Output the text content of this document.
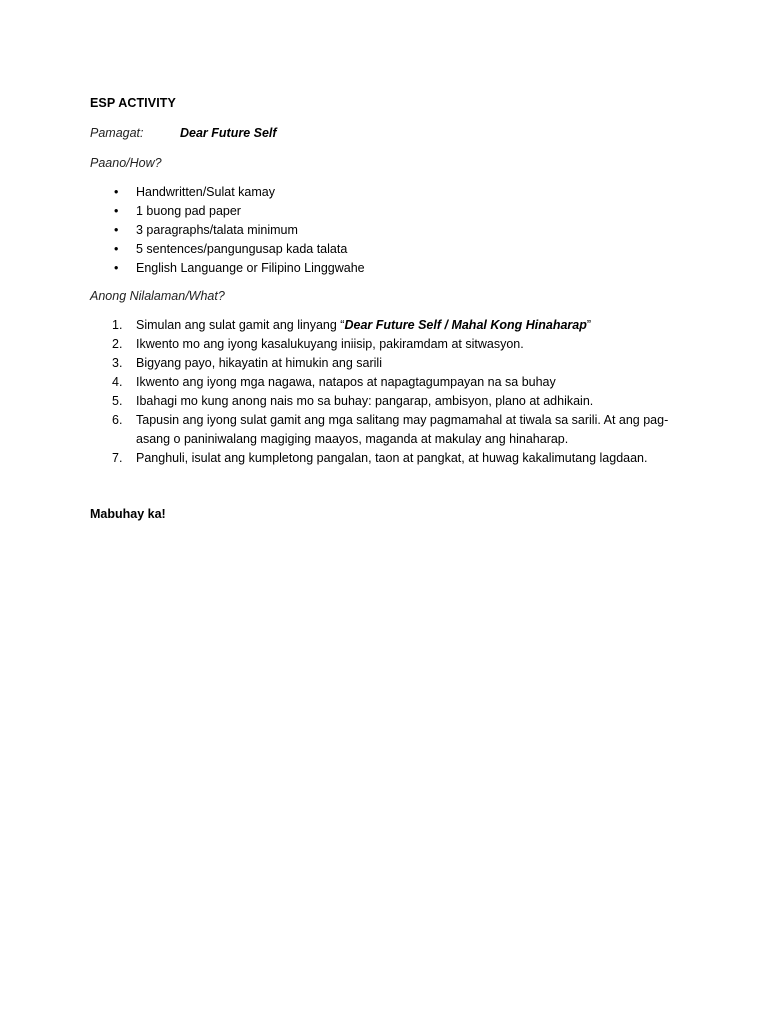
ESP ACTIVITY
Pamagat:	Dear Future Self
Paano/How?
• Handwritten/Sulat kamay
• 1 buong pad paper
• 3 paragraphs/talata minimum
• 5 sentences/pangungusap kada talata
• English Languange or Filipino Linggwahe
Anong Nilalaman/What?
1. Simulan ang sulat gamit ang linyang “Dear Future Self / Mahal Kong Hinaharap”
2. Ikwento mo ang iyong kasalukuyang iniisip, pakiramdam at sitwasyon.
3. Bigyang payo, hikayatin at himukin ang sarili
4. Ikwento ang iyong mga nagawa, natapos at napagtagumpayan na sa buhay
5. Ibahagi mo kung anong nais mo sa buhay: pangarap, ambisyon, plano at adhikain.
6. Tapusin ang iyong sulat gamit ang mga salitang may pagmamahal at tiwala sa sarili. At ang pag-asang o paniniwalang magiging maayos, maganda at makulay ang hinaharap.
7. Panghuli, isulat ang kumpletong pangalan, taon at pangkat, at huwag kakalimutang lagdaan.
Mabuhay ka!
